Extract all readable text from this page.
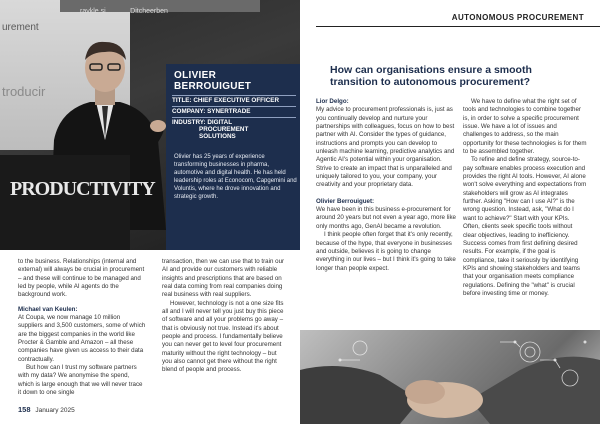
ravkle.si	Ditcheerben
urement
troducir
PRODUCTIVITY
OLIVIER
BERROUIGUET
TITLE: CHIEF EXECUTIVE OFFICER
COMPANY: SYNERTRADE
INDUSTRY: DIGITAL
PROCUREMENT
SOLUTIONS
Olivier has 25 years of experience transforming businesses in pharma, automotive and digital health. He has held leadership roles at Econocom, Capgemini and Voluntis, where he drove innovation and strategic growth.
AUTONOMOUS PROCUREMENT
How can organisations ensure a smooth transition to autonomous procurement?

Lior Delgo:

My advice to procurement professionals is, just as you continually develop and nurture your partnerships with colleagues, focus on how to best partner with AI. Consider the types of guidance, instructions and prompts you can develop to unleash machine learning, predictive analytics and Agentic AI's potential within your organisation. Strive to create an impact that is unparalleled and uniquely tailored to you, your company, your creativity and your proprietary data.

Olivier Berrouiguet:

We have been in this business e-procurement for around 20 years but not even a year ago, more like only months ago, GenAI became a revolution.

I think people often forget that it's only recently, because of the hype, that everyone in businesses and outside, believes it is going to change everything in our lives – but I think it's going to take longer than people expect.

We have to define what the right set of tools and technologies to combine together is, in order to solve a specific procurement issue. We have a lot of issues and challenges to address, so the main opportunity for these technologies is for them to be assembled together.

To refine and define strategy, source-to-pay software enables process execution and provides the right AI tools. However, AI alone won't solve everything and expectations from stakeholders will grow as AI integrates further. Asking "How can I use AI?" is the wrong question. Instead, ask, "What do I want to achieve?" Start with your KPIs. Often, clients seek specific tools without clear objectives, leading to inefficiency. Success comes from first defining desired results. For example, if the goal is compliance, take it seriously by identifying KPIs and showing stakeholders and teams that your organisation meets compliance regulations. Defining the "what" is crucial before investing time or money.

to the business. Relationships (internal and external) will always be crucial in procurement – and these will continue to be managed and led by people, while AI agents do the background work.

Michael van Keulen:

At Coupa, we now manage 10 million suppliers and 3,500 customers, some of which are the biggest companies in the world like Procter & Gamble and Amazon – all these companies have given us access to their data contractually.

But how can I trust my software partners with my data? We anonymise the spend, which is large enough that we will never trace it down to one single

transaction, then we can use that to train our AI and provide our customers with reliable insights and prescriptions that are based on real data coming from real companies doing real business with real suppliers.

However, technology is not a one size fits all and I will never tell you just buy this piece of software and all your problems go away – that is obviously not true. Instead it's about people and process. I fundamentally believe you can never get to level four procurement maturity without the right technology – but you also cannot get there without the right blend of people and process.

158 January 2025
